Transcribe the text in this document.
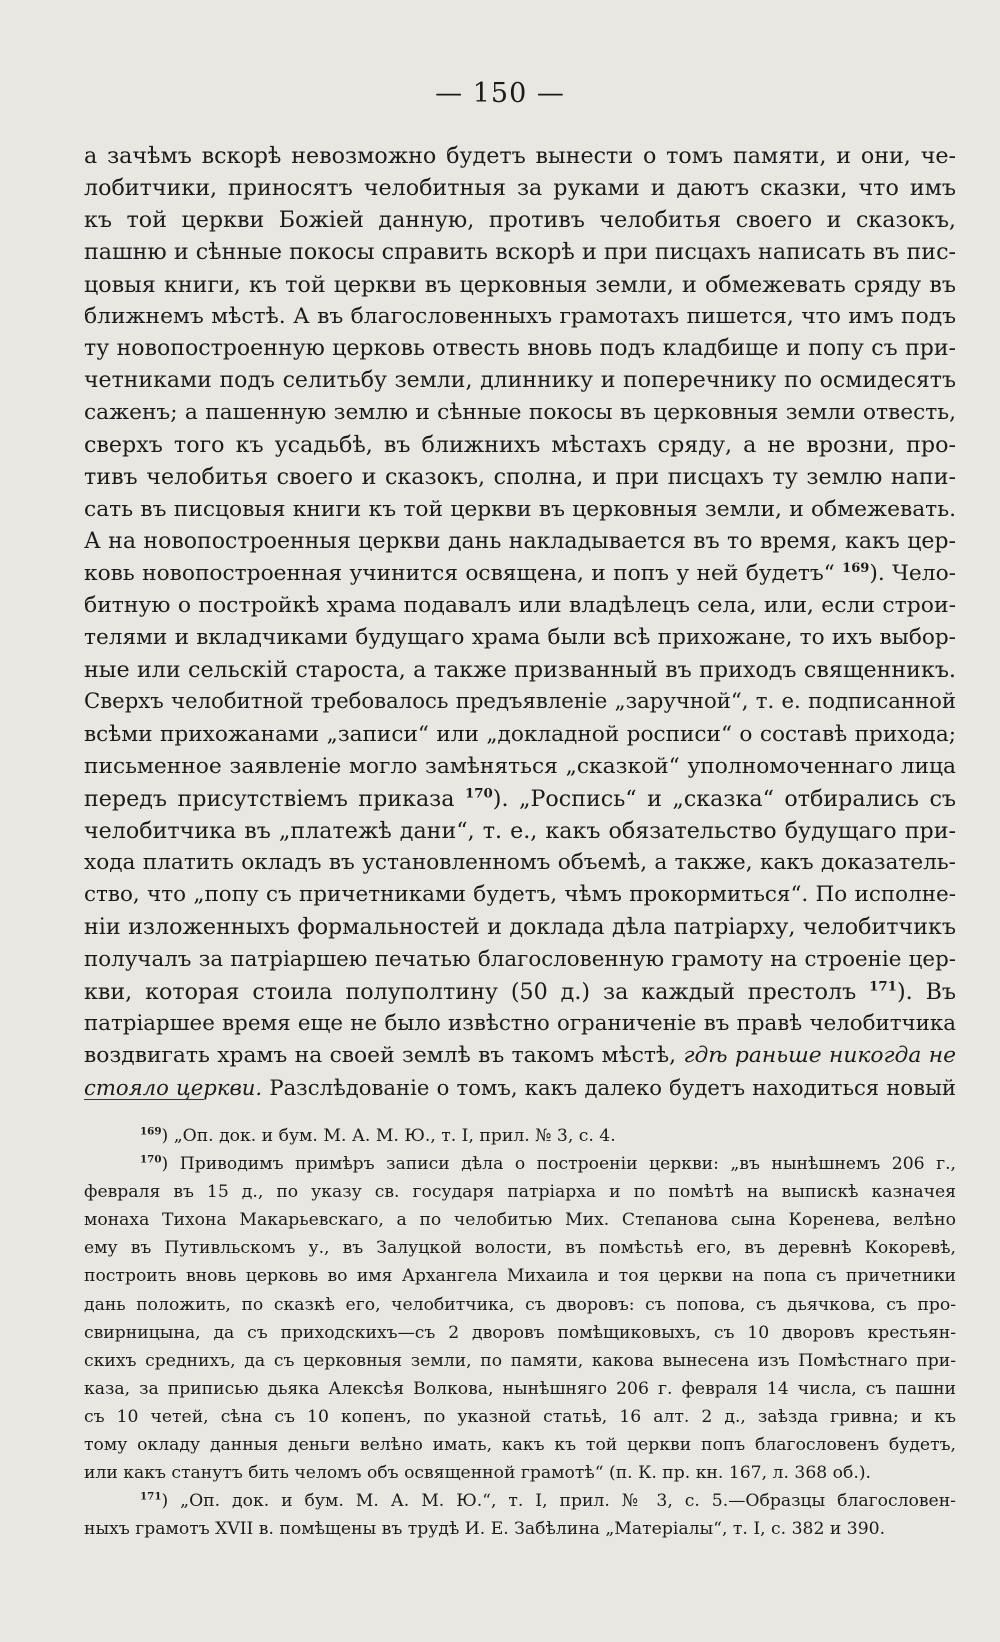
— 150 —
а зачѣмъ вскорѣ невозможно будетъ вынести о томъ памяти, и они, че-
лобитчики, приносятъ челобитныя за руками и даютъ сказки, что имъ
къ той церкви Божіей данную, противъ челобитья своего и сказокъ,
пашню и сѣнные покосы справить вскорѣ и при писцахъ написать въ пис-
цовыя книги, къ той церкви въ церковныя земли, и обмежевать сряду въ
ближнемъ мѣстѣ. А въ благословенныхъ грамотахъ пишется, что имъ подъ
ту новопостроенную церковь отвесть вновь подъ кладбище и попу съ при-
четниками подъ селитьбу земли, длиннику и поперечнику по осмидесятъ
саженъ; а пашенную землю и сѣнные покосы въ церковныя земли отвесть,
сверхъ того къ усадьбѣ, въ ближнихъ мѣстахъ сряду, а не врозни, про-
тивъ челобитья своего и сказокъ, сполна, и при писцахъ ту землю напи-
сать въ писцовыя книги къ той церкви въ церковныя земли, и обмежевать.
А на новопостроенныя церкви дань накладывается въ то время, какъ цер-
ковь новопостроенная учинится освящена, и попъ у ней будетъ“ $^{169}$). Чело-
битную о постройкѣ храма подавалъ или владѣлецъ села, или, если строи-
телями и вкладчиками будущаго храма были всѣ прихожане, то ихъ выбор-
ные или сельскій староста, а также призванный въ приходъ священникъ.
Сверхъ челобитной требовалось предъявленіе „заручной“, т. е. подписанной
всѣми прихожанами „записи“ или „докладной росписи“ о составѣ прихода;
письменное заявленіе могло замѣняться „сказкой“ уполномоченнаго лица
передъ присутствіемъ приказа $^{170}$). „Роспись“ и „сказка“ отбирались съ
челобитчика въ „платежѣ дани“, т. е., какъ обязательство будущаго при-
хода платить окладъ въ установленномъ объемѣ, а также, какъ доказатель-
ство, что „попу съ причетниками будетъ, чѣмъ прокормиться“. По исполне-
ніи изложенныхъ формальностей и доклада дѣла патріарху, челобитчикъ
получалъ за патріаршею печатью благословенную грамоту на строеніе цер-
кви, которая стоила полуполтину (50 д.) за каждый престолъ $^{171}$). Въ
патріаршее время еще не было извѣстно ограниченіе въ правѣ челобитчика
воздвигать храмъ на своей землѣ въ такомъ мѣстѣ, гдѣ раньше никогда не
стояло церкви. Разслѣдованіе о томъ, какъ далеко будетъ находиться новый
$^{169}$) „Оп. док. и бум. М. А. М. Ю., т. I, прил. № 3, с. 4.
$^{170}$) Приводимъ примѣръ записи дѣла о построеніи церкви: „въ нынѣшнемъ 206 г.,
февраля въ 15 д., по указу св. государя патріарха и по помѣтѣ на выпискѣ казначея
монаха Тихона Макарьевскаго, а по челобитью Мих. Степанова сына Коренева, велѣно
ему въ Путивльскомъ у., въ Залуцкой волости, въ помѣстьѣ его, въ деревнѣ Кокоревѣ,
построить вновь церковь во имя Архангела Михаила и тоя церкви на попа съ причетники
дань положить, по сказкѣ его, челобитчика, съ дворовъ: съ попова, съ дьячкова, съ про-
свирницына, да съ приходскихъ—съ 2 дворовъ помѣщиковыхъ, съ 10 дворовъ крестьян-
скихъ среднихъ, да съ церковныя земли, по памяти, какова вынесена изъ Помѣстнаго при-
каза, за приписью дьяка Алексѣя Волкова, нынѣшняго 206 г. февраля 14 числа, съ пашни
съ 10 четей, сѣна съ 10 копенъ, по указной статьѣ, 16 алт. 2 д., заѣзда гривна; и къ
тому окладу данныя деньги велѣно имать, какъ къ той церкви попъ благословенъ будетъ,
или какъ станутъ бить челомъ объ освященной грамотѣ“ (п. К. пр. кн. 167, л. 368 об.).
$^{171}$) „Оп. док. и бум. М. А. М. Ю.“, т. I, прил. № 3, с. 5.—Образцы благословен-
ныхъ грамотъ XVII в. помѣщены въ трудѣ И. Е. Забѣлина „Матеріалы“, т. I, с. 382 и 390.
